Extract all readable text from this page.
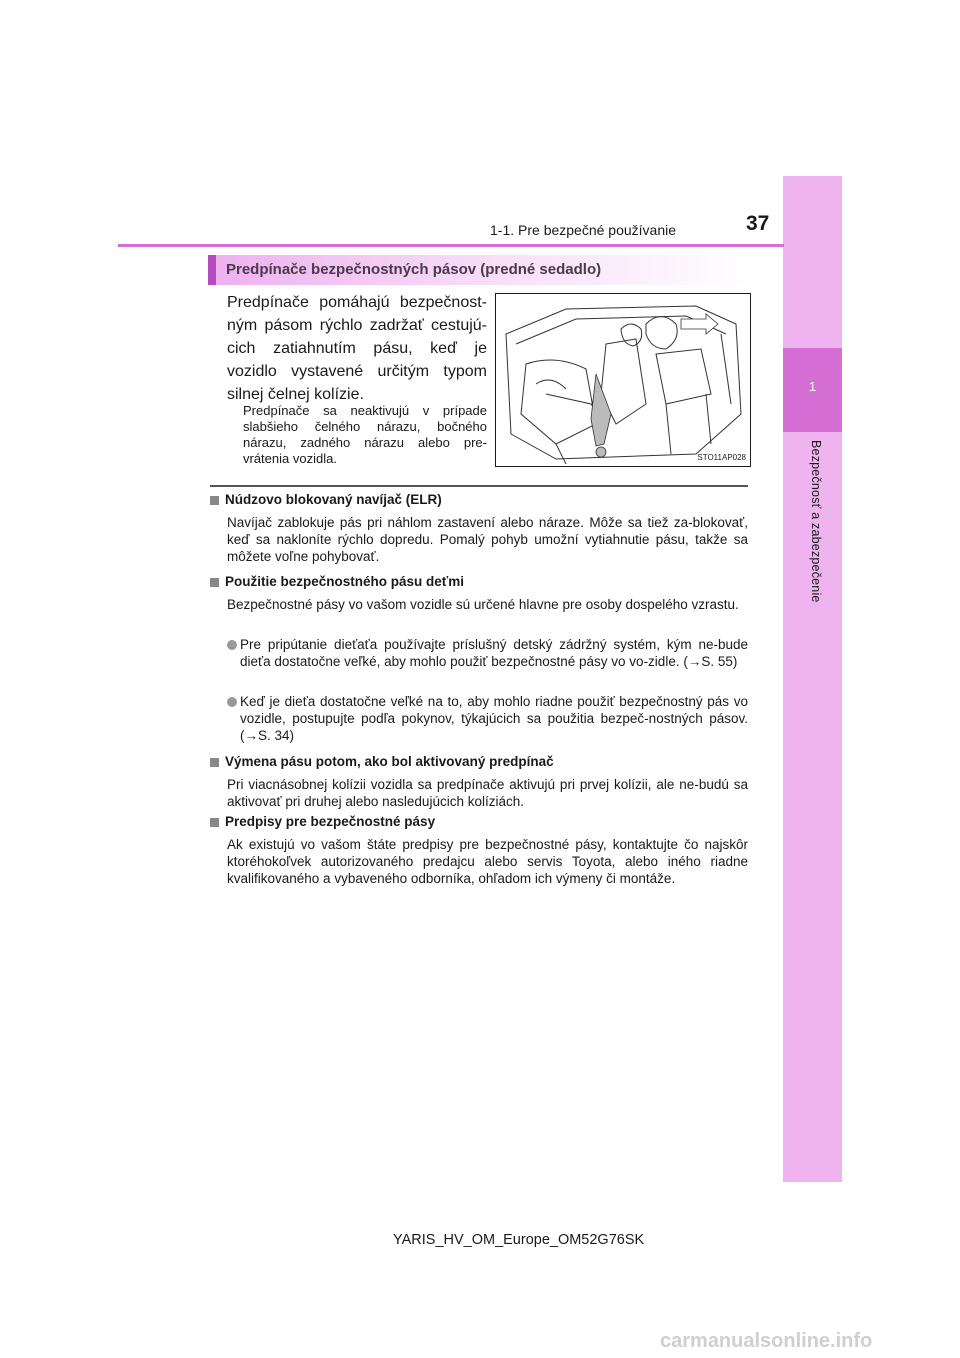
1
Bezpečnosť a zabezpečenie
1-1. Pre bezpečné používanie	37
Predpínače bezpečnostných pásov (predné sedadlo)
Predpínače pomáhajú bezpečnost-ným pásom rýchlo zadržať cestujú-cich zatiahnutím pásu, keď je vozidlo vystavené určitým typom silnej čelnej kolízie.
Predpínače sa neaktivujú v prípade slabšieho čelného nárazu, bočného nárazu, zadného nárazu alebo pre-vrátenia vozidla.	STO11AP028
Núdzovo blokovaný navíjač (ELR)
Navíjač zablokuje pás pri náhlom zastavení alebo náraze. Môže sa tiež za-blokovať, keď sa nakloníte rýchlo dopredu. Pomalý pohyb umožní vytiahnutie pásu, takže sa môžete voľne pohybovať.
Použitie bezpečnostného pásu deťmi
Bezpečnostné pásy vo vašom vozidle sú určené hlavne pre osoby dospelého vzrastu.
Pre pripútanie dieťaťa používajte príslušný detský zádržný systém, kým ne-bude dieťa dostatočne veľké, aby mohlo použiť bezpečnostné pásy vo vo-zidle. (→S. 55)
Keď je dieťa dostatočne veľké na to, aby mohlo riadne použiť bezpečnostný pás vo vozidle, postupujte podľa pokynov, týkajúcich sa použitia bezpeč-nostných pásov. (→S. 34)
Výmena pásu potom, ako bol aktivovaný predpínač
Pri viacnásobnej kolízii vozidla sa predpínače aktivujú pri prvej kolízii, ale ne-budú sa aktivovať pri druhej alebo nasledujúcich kolíziách.
Predpisy pre bezpečnostné pásy
Ak existujú vo vašom štáte predpisy pre bezpečnostné pásy, kontaktujte čo najskôr ktoréhokoľvek autorizovaného predajcu alebo servis Toyota, alebo iného riadne kvalifikovaného a vybaveného odborníka, ohľadom ich výmeny či montáže.
YARIS_HV_OM_Europe_OM52G76SK
carmanualsonline.info
